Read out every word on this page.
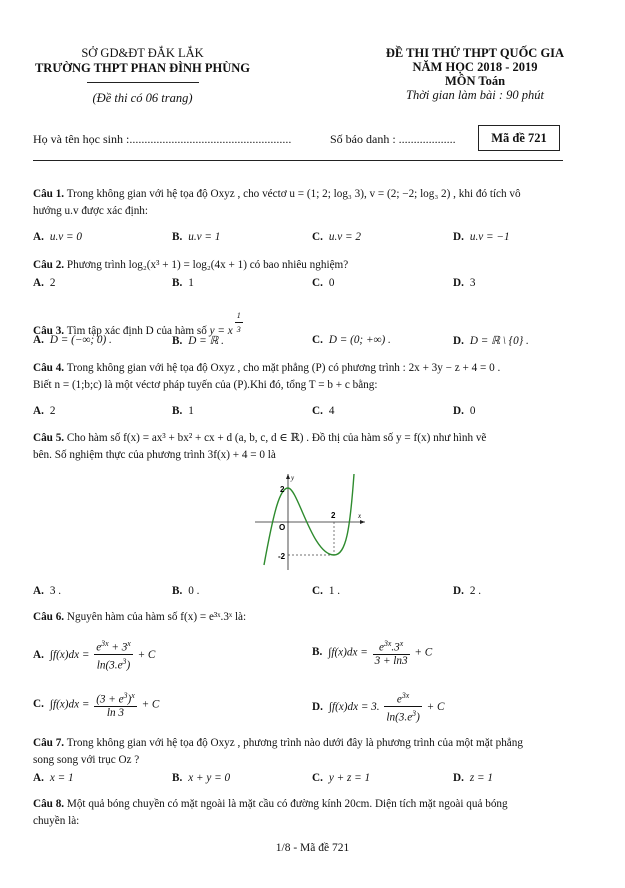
SỞ GD&ĐT ĐẮK LẮK
TRƯỜNG THPT PHAN ĐÌNH PHÙNG
(Đề thi có 06 trang)
ĐỀ THI THỬ THPT QUỐC GIA
NĂM HỌC 2018 - 2019
MÔN Toán
Thời gian làm bài : 90 phút
Họ và tên học sinh :......................................................	Số báo danh : ...................	Mã đề 721
Câu 1. Trong không gian với hệ tọa độ Oxyz , cho véctơ u = (1; 2; log₃ 3), v = (2; −2; log₃ 2) , khi đó tích vô
hướng u.v được xác định:
A. u.v = 0	B. u.v = 1	C. u.v = 2	D. u.v = −1
Câu 2. Phương trình log₂(x³ + 1) = log₂(4x + 1) có bao nhiêu nghiệm?
A. 2	B. 1	C. 0	D. 3
Câu 3. Tìm tập xác định D của hàm số y = x $^{\frac{1}{3}}$
A. D = (−∞; 0) .	B. D = ℝ .	C. D = (0; +∞) .	D. D = ℝ \ {0} .
Câu 4. Trong không gian với hệ tọa độ Oxyz , cho mặt phẳng (P) có phương trình : 2x + 3y − z + 4 = 0 .
Biết n = (1;b;c) là một véctơ pháp tuyến của (P).Khi đó, tổng T = b + c bằng:
A. 2	B. 1	C. 4	D. 0
Câu 5. Cho hàm số f(x) = ax³ + bx² + cx + d (a, b, c, d ∈ ℝ) . Đồ thị của hàm số y = f(x) như hình vẽ
bên. Số nghiệm thực của phương trình 3f(x) + 4 = 0 là
2
O
-2
2	x
y
A. 3 .	B. 0 .	C. 1 .	D. 2 .
Câu 6. Nguyên hàm của hàm số f(x) = e³ˣ.3ˣ là:
A. $\int f(x)dx = \frac{e^{3x} + 3^x}{\ln(3.e^3)} + C$	B. $\int f(x)dx = \frac{e^{3x}.3^x}{3 + \ln 3} + C$
C. $\int f(x)dx = \frac{(3 + e^3)^x}{\ln 3} + C$	D. ∫f(x)dx = 3. $\frac{e^{3x}}{\ln(3.e^3)} + C$
Câu 7. Trong không gian với hệ tọa độ Oxyz , phương trình nào dưới đây là phương trình của một mặt phẳng
song song với trục Oz ?
A. x = 1	B. x + y = 0	C. y + z = 1	D. z = 1
Câu 8. Một quả bóng chuyền có mặt ngoài là mặt cầu có đường kính 20cm. Diện tích mặt ngoài quả bóng
chuyền là:
1/8 - Mã đề 721
